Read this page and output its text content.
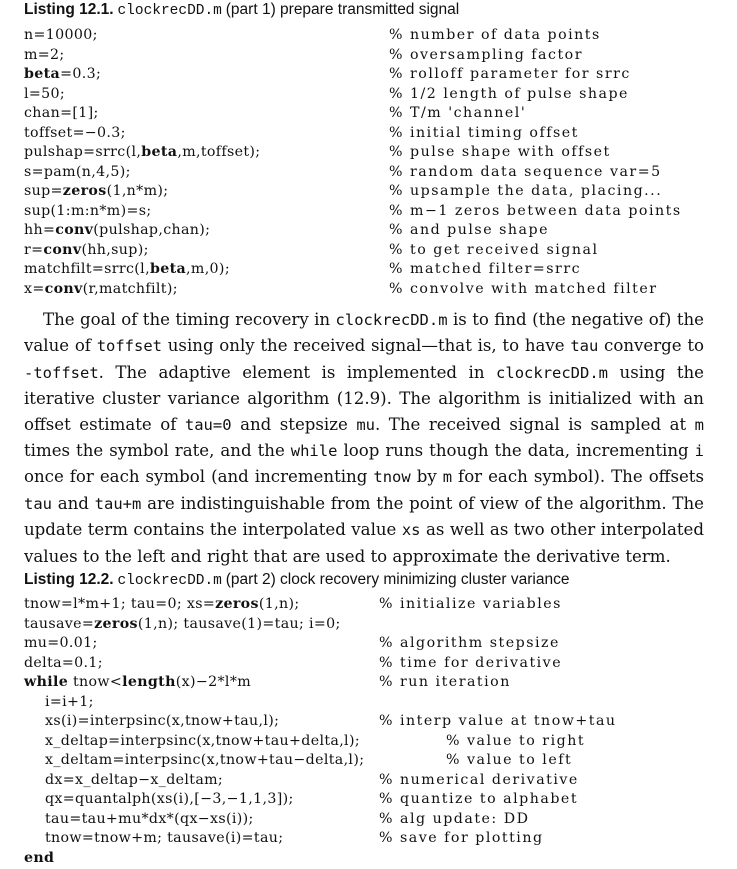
Listing 12.1. clockrecDD.m (part 1) prepare transmitted signal
n=10000;	% number of data points
m=2;	% oversampling factor
beta=0.3;	% rolloff parameter for srrc
l=50;	% 1/2 length of pulse shape
chan=[1];	% T/m 'channel'
toffset=−0.3;	% initial timing offset
pulshap=srrc(l,beta,m,toffset);	% pulse shape with offset
s=pam(n,4,5);	% random data sequence var=5
sup=zeros(1,n*m);	% upsample the data, placing...
sup(1:m:n*m)=s;	% m−1 zeros between data points
hh=conv(pulshap,chan);	% and pulse shape
r=conv(hh,sup);	% to get received signal
matchfilt=srrc(l,beta,m,0);	% matched filter=srrc
x=conv(r,matchfilt);	% convolve with matched filter

The goal of the timing recovery in clockrecDD.m is to find (the negative of) the value of toffset using only the received signal—that is, to have tau converge to -toffset. The adaptive element is implemented in clockrecDD.m using the iterative cluster variance algorithm (12.9). The algorithm is initialized with an offset estimate of tau=0 and stepsize mu. The received signal is sampled at m times the symbol rate, and the while loop runs though the data, incrementing i once for each symbol (and incrementing tnow by m for each symbol). The offsets tau and tau+m are indistinguishable from the point of view of the algorithm. The update term contains the interpolated value xs as well as two other interpolated values to the left and right that are used to approximate the derivative term.

Listing 12.2. clockrecDD.m (part 2) clock recovery minimizing cluster variance
tnow=l*m+1; tau=0; xs=zeros(1,n);	% initialize variables
tausave=zeros(1,n); tausave(1)=tau; i=0;
mu=0.01;	% algorithm stepsize
delta=0.1;	% time for derivative
while tnow<length(x)−2*l*m	% run iteration
i=i+1;
xs(i)=interpsinc(x,tnow+tau,l);	% interp value at tnow+tau
x_deltap=interpsinc(x,tnow+tau+delta,l);	% value to right
x_deltam=interpsinc(x,tnow+tau−delta,l);	% value to left
dx=x_deltap−x_deltam;	% numerical derivative
qx=quantalph(xs(i),[−3,−1,1,3]);	% quantize to alphabet
tau=tau+mu*dx*(qx−xs(i));	% alg update: DD
tnow=tnow+m; tausave(i)=tau;	% save for plotting
end
